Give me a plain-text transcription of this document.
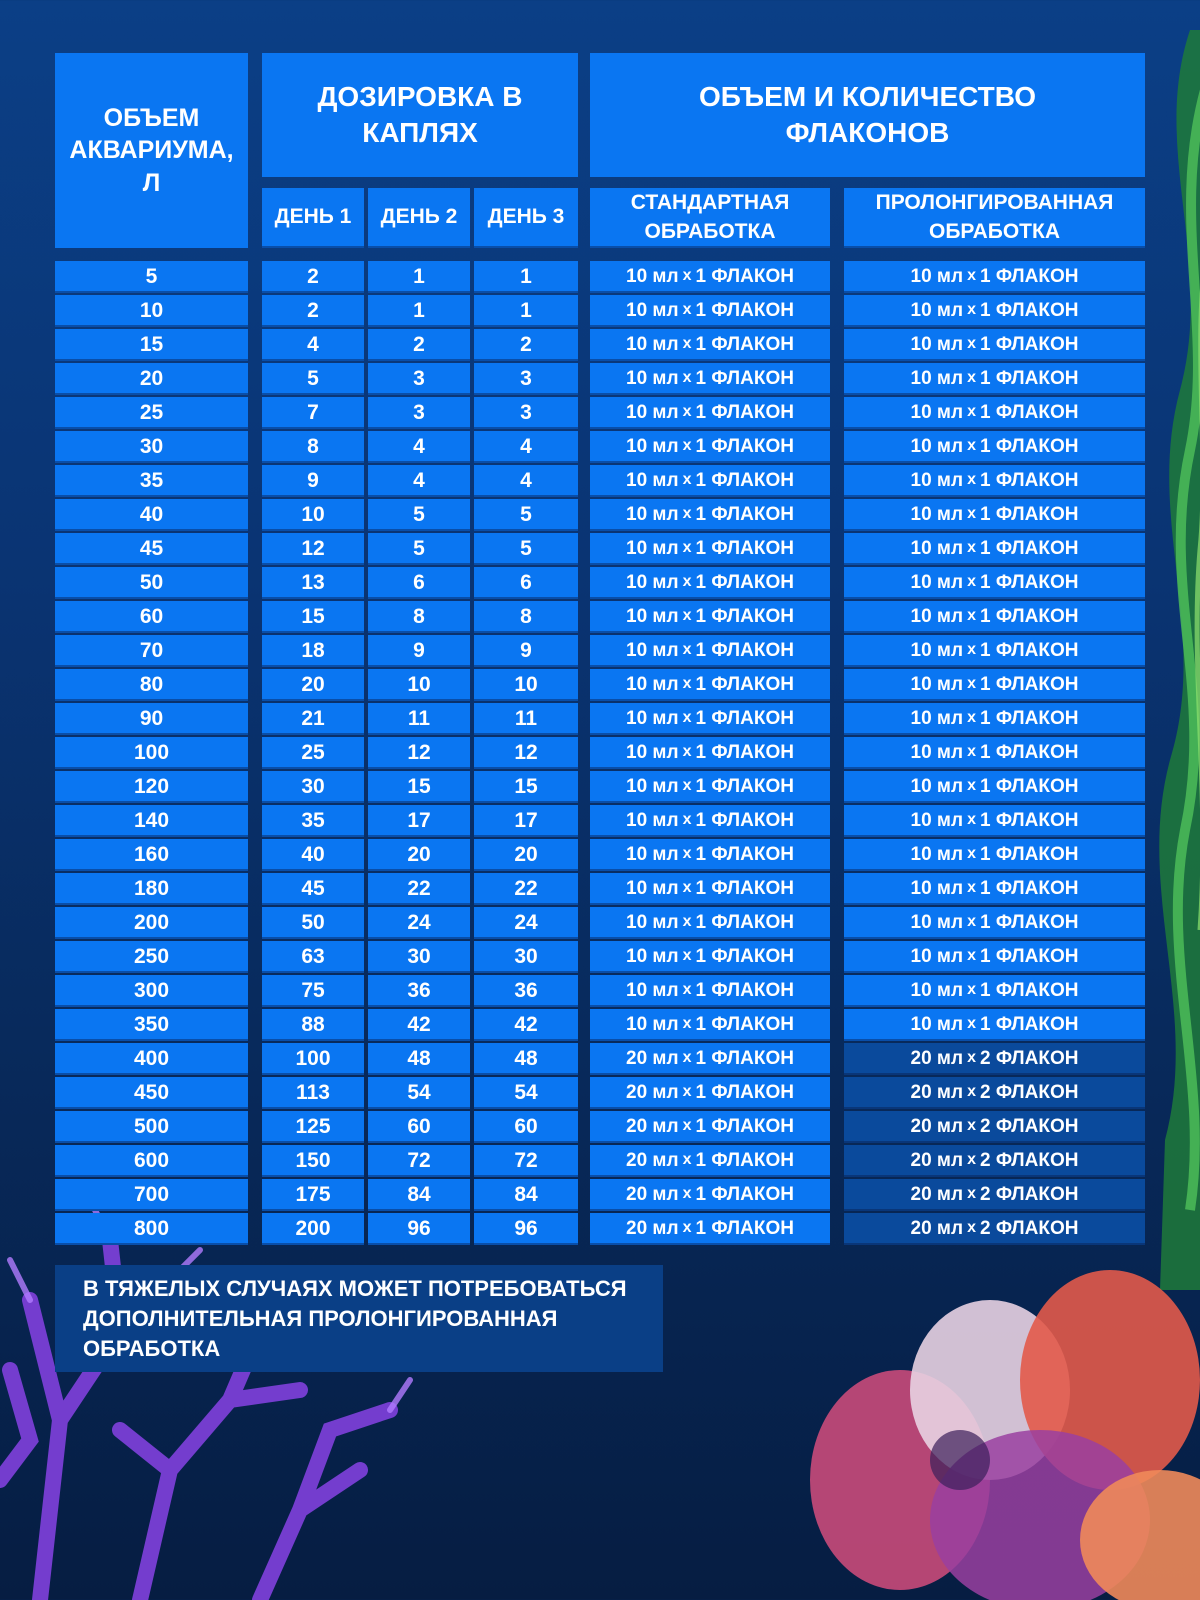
ОБЪЕМ АКВАРИУМА, Л
ДОЗИРОВКА В КАПЛЯХ
ОБЪЕМ И КОЛИЧЕСТВО ФЛАКОНОВ
ДЕНЬ 1	ДЕНЬ 2	ДЕНЬ 3
СТАНДАРТНАЯ ОБРАБОТКА
ПРОЛОНГИРОВАННАЯ ОБРАБОТКА
5	2	1	1	10 мл x 1 ФЛАКОН	10 мл x 1 ФЛАКОН
10	2	1	1	10 мл x 1 ФЛАКОН	10 мл x 1 ФЛАКОН
15	4	2	2	10 мл x 1 ФЛАКОН	10 мл x 1 ФЛАКОН
20	5	3	3	10 мл x 1 ФЛАКОН	10 мл x 1 ФЛАКОН
25	7	3	3	10 мл x 1 ФЛАКОН	10 мл x 1 ФЛАКОН
30	8	4	4	10 мл x 1 ФЛАКОН	10 мл x 1 ФЛАКОН
35	9	4	4	10 мл x 1 ФЛАКОН	10 мл x 1 ФЛАКОН
40	10	5	5	10 мл x 1 ФЛАКОН	10 мл x 1 ФЛАКОН
45	12	5	5	10 мл x 1 ФЛАКОН	10 мл x 1 ФЛАКОН
50	13	6	6	10 мл x 1 ФЛАКОН	10 мл x 1 ФЛАКОН
60	15	8	8	10 мл x 1 ФЛАКОН	10 мл x 1 ФЛАКОН
70	18	9	9	10 мл x 1 ФЛАКОН	10 мл x 1 ФЛАКОН
80	20	10	10	10 мл x 1 ФЛАКОН	10 мл x 1 ФЛАКОН
90	21	11	11	10 мл x 1 ФЛАКОН	10 мл x 1 ФЛАКОН
100	25	12	12	10 мл x 1 ФЛАКОН	10 мл x 1 ФЛАКОН
120	30	15	15	10 мл x 1 ФЛАКОН	10 мл x 1 ФЛАКОН
140	35	17	17	10 мл x 1 ФЛАКОН	10 мл x 1 ФЛАКОН
160	40	20	20	10 мл x 1 ФЛАКОН	10 мл x 1 ФЛАКОН
180	45	22	22	10 мл x 1 ФЛАКОН	10 мл x 1 ФЛАКОН
200	50	24	24	10 мл x 1 ФЛАКОН	10 мл x 1 ФЛАКОН
250	63	30	30	10 мл x 1 ФЛАКОН	10 мл x 1 ФЛАКОН
300	75	36	36	10 мл x 1 ФЛАКОН	10 мл x 1 ФЛАКОН
350	88	42	42	10 мл x 1 ФЛАКОН	10 мл x 1 ФЛАКОН
400	100	48	48	20 мл x 1 ФЛАКОН	20 мл x 2 ФЛАКОН
450	113	54	54	20 мл x 1 ФЛАКОН	20 мл x 2 ФЛАКОН
500	125	60	60	20 мл x 1 ФЛАКОН	20 мл x 2 ФЛАКОН
600	150	72	72	20 мл x 1 ФЛАКОН	20 мл x 2 ФЛАКОН
700	175	84	84	20 мл x 1 ФЛАКОН	20 мл x 2 ФЛАКОН
800	200	96	96	20 мл x 1 ФЛАКОН	20 мл x 2 ФЛАКОН
В ТЯЖЕЛЫХ СЛУЧАЯХ МОЖЕТ ПОТРЕБОВАТЬСЯ ДОПОЛНИТЕЛЬНАЯ ПРОЛОНГИРОВАННАЯ ОБРАБОТКА
